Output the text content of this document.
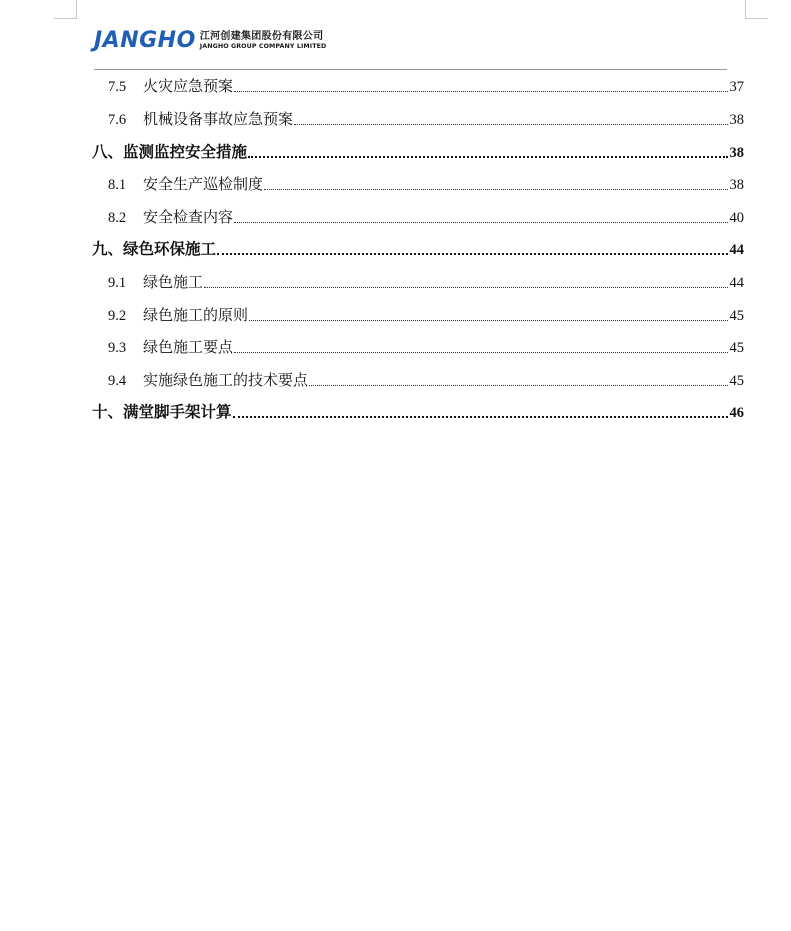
JANGHO 江河创建集团股份有限公司
JANGHO GROUP COMPANY LIMITED
7.5	火灾应急预案	37
7.6	机械设备事故应急预案	38
八、监测监控安全措施	38
8.1	安全生产巡检制度	38
8.2	安全检查内容	40
九、绿色环保施工	44
9.1	绿色施工	44
9.2	绿色施工的原则	45
9.3	绿色施工要点	45
9.4	实施绿色施工的技术要点	45
十、满堂脚手架计算	46
